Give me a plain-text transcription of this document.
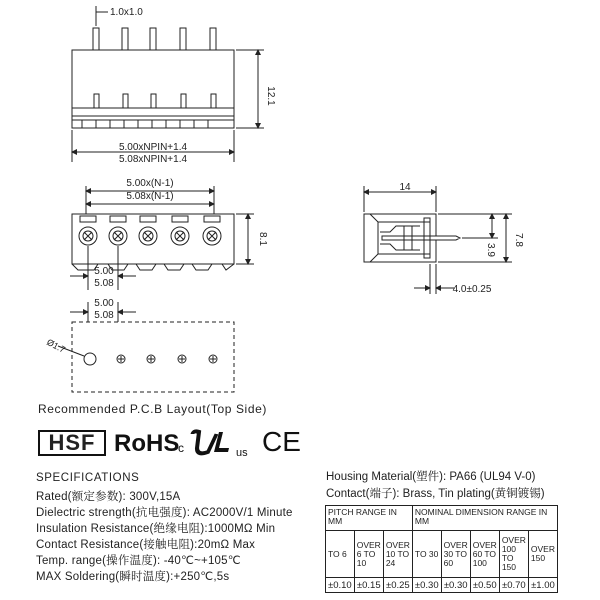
1.0x1.0
12.1
5.00xNPIN+1.4
5.08xNPIN+1.4
5.00x(N-1)
5.08x(N-1)
8.1
5.00
5.08
5.00
5.08
Ø1.7
Recommended P.C.B Layout(Top Side)
14
3.9
7.8
4.0±0.25
HSF RoHS
c	us CE
SPECIFICATIONS
Rated(额定参数): 300V,15A
Dielectric strength(抗电强度): AC2000V/1 Minute
Insulation Resistance(绝缘电阻):1000MΩ Min
Contact Resistance(接触电阻):20mΩ Max
Temp. range(操作温度): -40℃~+105℃
MAX Soldering(瞬时温度):+250℃,5s
Housing Material(塑件): PA66 (UL94 V-0)
Contact(端子): Brass, Tin plating(黄铜镀锡)
PITCH RANGE IN MM			NOMINAL DIMENSION RANGE IN MM				
TO 6	OVER 6 TO 10	OVER 10 TO 24	TO 30	OVER 30 TO 60	OVER 60 TO 100	OVER 100 TO 150	OVER 150
±0.10	±0.15	±0.25	±0.30	±0.30	±0.50	±0.70	±1.00
